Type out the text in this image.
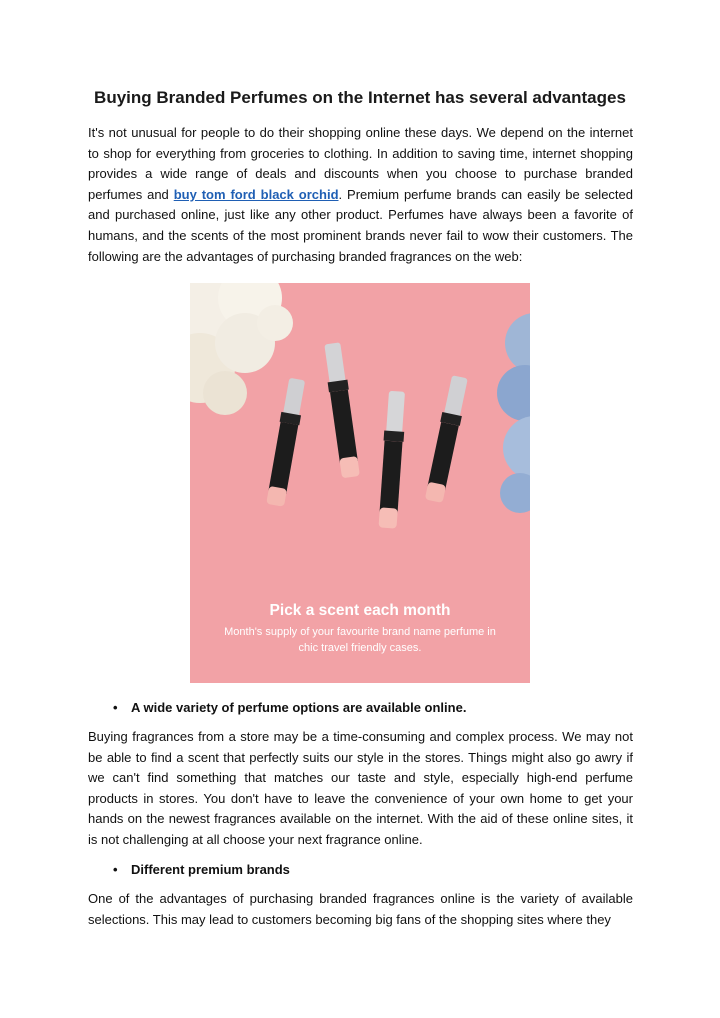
Buying Branded Perfumes on the Internet has several advantages
It's not unusual for people to do their shopping online these days. We depend on the internet to shop for everything from groceries to clothing. In addition to saving time, internet shopping provides a wide range of deals and discounts when you choose to purchase branded perfumes and buy tom ford black orchid. Premium perfume brands can easily be selected and purchased online, just like any other product. Perfumes have always been a favorite of humans, and the scents of the most prominent brands never fail to wow their customers. The following are the advantages of purchasing branded fragrances on the web:
Pick a scent each month
Month's supply of your favourite brand name perfume in
chic travel friendly cases.
• A wide variety of perfume options are available online.
Buying fragrances from a store may be a time-consuming and complex process. We may not be able to find a scent that perfectly suits our style in the stores. Things might also go awry if we can't find something that matches our taste and style, especially high-end perfume products in stores. You don't have to leave the convenience of your own home to get your hands on the newest fragrances available on the internet. With the aid of these online sites, it is not challenging at all choose your next fragrance online.
• Different premium brands
One of the advantages of purchasing branded fragrances online is the variety of available selections. This may lead to customers becoming big fans of the shopping sites where they
